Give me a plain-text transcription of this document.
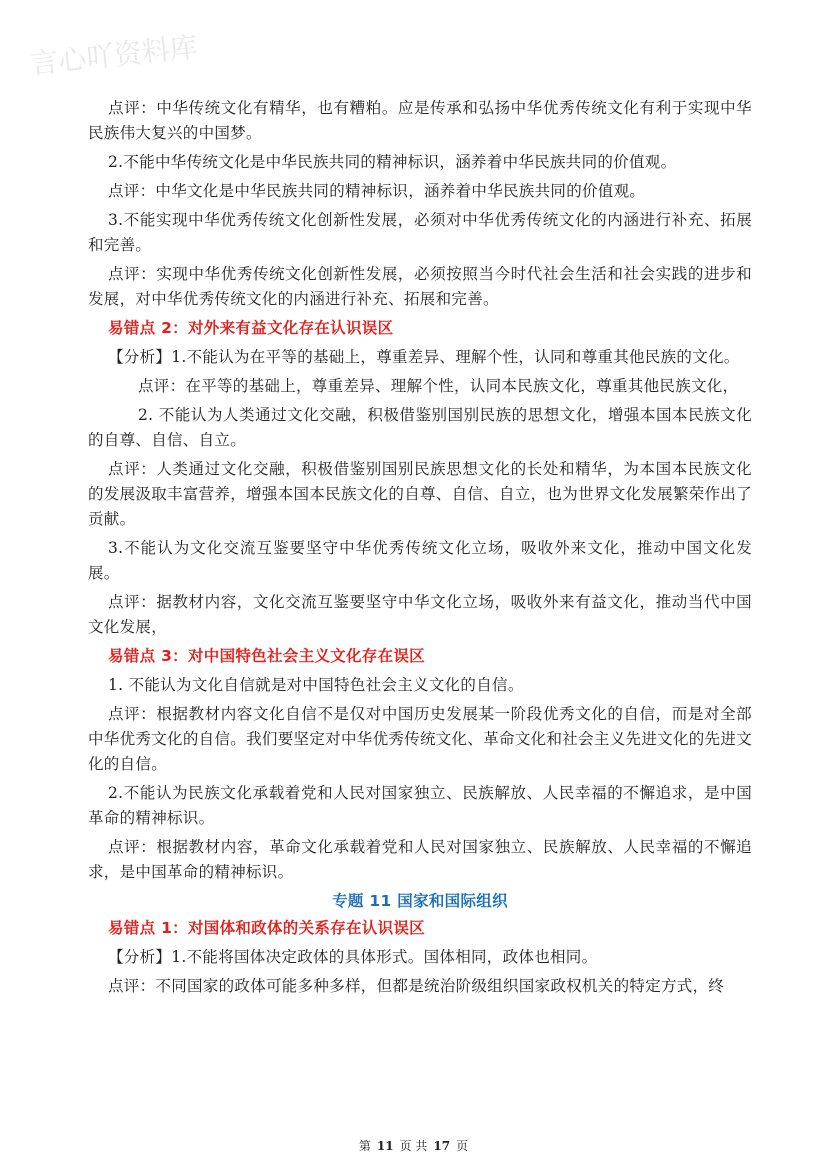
言心吖资料库

点评：中华传统文化有精华，也有糟粕。应是传承和弘扬中华优秀传统文化有利于实现中华民族伟大复兴的中国梦。

2.不能中华传统文化是中华民族共同的精神标识，涵养着中华民族共同的价值观。

点评：中华文化是中华民族共同的精神标识，涵养着中华民族共同的价值观。

3.不能实现中华优秀传统文化创新性发展，必须对中华优秀传统文化的内涵进行补充、拓展和完善。

点评：实现中华优秀传统文化创新性发展，必须按照当今时代社会生活和社会实践的进步和发展，对中华优秀传统文化的内涵进行补充、拓展和完善。

易错点 2：对外来有益文化存在认识误区

【分析】1.不能认为在平等的基础上，尊重差异、理解个性，认同和尊重其他民族的文化。

点评：在平等的基础上，尊重差异、理解个性，认同本民族文化，尊重其他民族文化，

2. 不能认为人类通过文化交融，积极借鉴别国别民族的思想文化，增强本国本民族文化的自尊、自信、自立。

点评：人类通过文化交融，积极借鉴别国别民族思想文化的长处和精华，为本国本民族文化的发展汲取丰富营养，增强本国本民族文化的自尊、自信、自立，也为世界文化发展繁荣作出了贡献。

3.不能认为文化交流互鉴要坚守中华优秀传统文化立场，吸收外来文化，推动中国文化发展。

点评：据教材内容，文化交流互鉴要坚守中华文化立场，吸收外来有益文化，推动当代中国文化发展，

易错点 3：对中国特色社会主义文化存在误区

1. 不能认为文化自信就是对中国特色社会主义文化的自信。

点评：根据教材内容文化自信不是仅对中国历史发展某一阶段优秀文化的自信，而是对全部中华优秀文化的自信。我们要坚定对中华优秀传统文化、革命文化和社会主义先进文化的先进文化的自信。

2.不能认为民族文化承载着党和人民对国家独立、民族解放、人民幸福的不懈追求，是中国革命的精神标识。

点评：根据教材内容，革命文化承载着党和人民对国家独立、民族解放、人民幸福的不懈追求，是中国革命的精神标识。

专题 11 国家和国际组织
易错点 1：对国体和政体的关系存在认识误区

【分析】1.不能将国体决定政体的具体形式。国体相同，政体也相同。

点评：不同国家的政体可能多种多样，但都是统治阶级组织国家政权机关的特定方式，终

第 11 页 共 17 页
